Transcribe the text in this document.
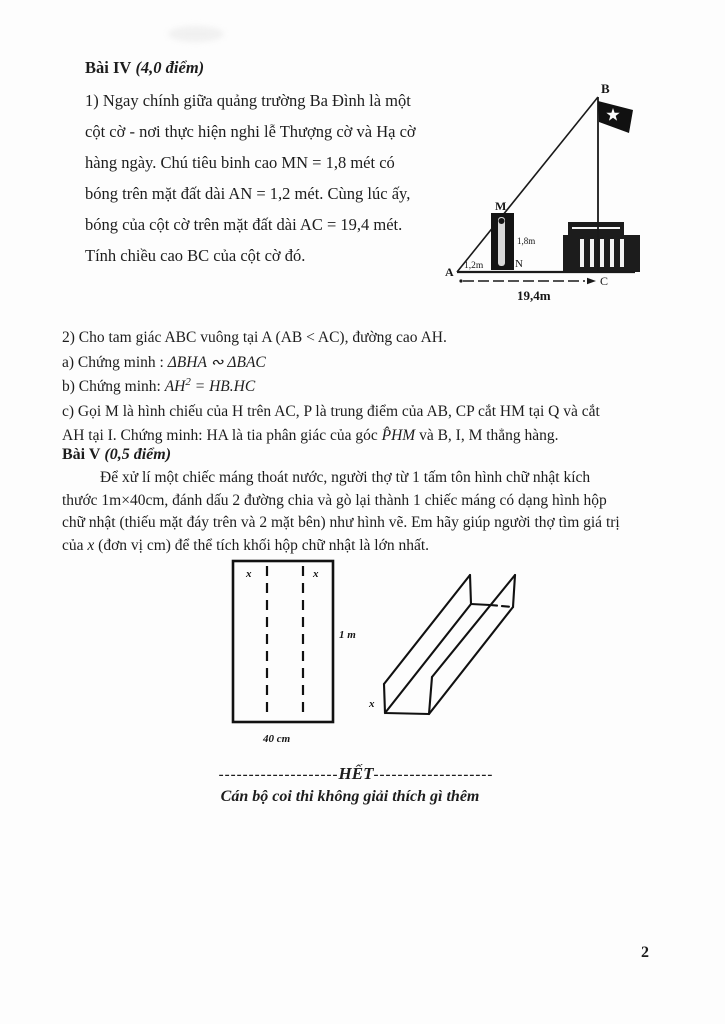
Bài IV (4,0 điểm)
1) Ngay chính giữa quảng trường Ba Đình là một
cột cờ - nơi thực hiện nghi lễ Thượng cờ và Hạ cờ
hàng ngày. Chú tiêu binh cao MN = 1,8 mét có
bóng trên mặt đất dài AN = 1,2 mét. Cùng lúc ấy,
bóng của cột cờ trên mặt đất dài AC = 19,4 mét.
Tính chiều cao BC của cột cờ đó.
B
M
N
A
C
1,8m
1,2m
19,4m
2) Cho tam giác ABC vuông tại A (AB < AC), đường cao AH.
a) Chứng minh : ΔBHA ∾ ΔBAC
b) Chứng minh: $AH^2 = HB.HC$
c) Gọi M là hình chiếu của H trên AC, P là trung điểm của AB, CP cắt HM tại Q và cắt
AH tại I. Chứng minh: HA là tia phân giác của góc P̂HM và B, I, M thẳng hàng.
Bài V (0,5 điểm)
Để xử lí một chiếc máng thoát nước, người thợ từ 1 tấm tôn hình chữ nhật kích
thước 1m×40cm, đánh dấu 2 đường chia và gò lại thành 1 chiếc máng có dạng hình hộp
chữ nhật (thiếu mặt đáy trên và 2 mặt bên) như hình vẽ. Em hãy giúp người thợ tìm giá trị
của x (đơn vị cm) để thể tích khối hộp chữ nhật là lớn nhất.
x	x
1 m
40 cm
x
--------------------HẾT--------------------
Cán bộ coi thi không giải thích gì thêm
2
